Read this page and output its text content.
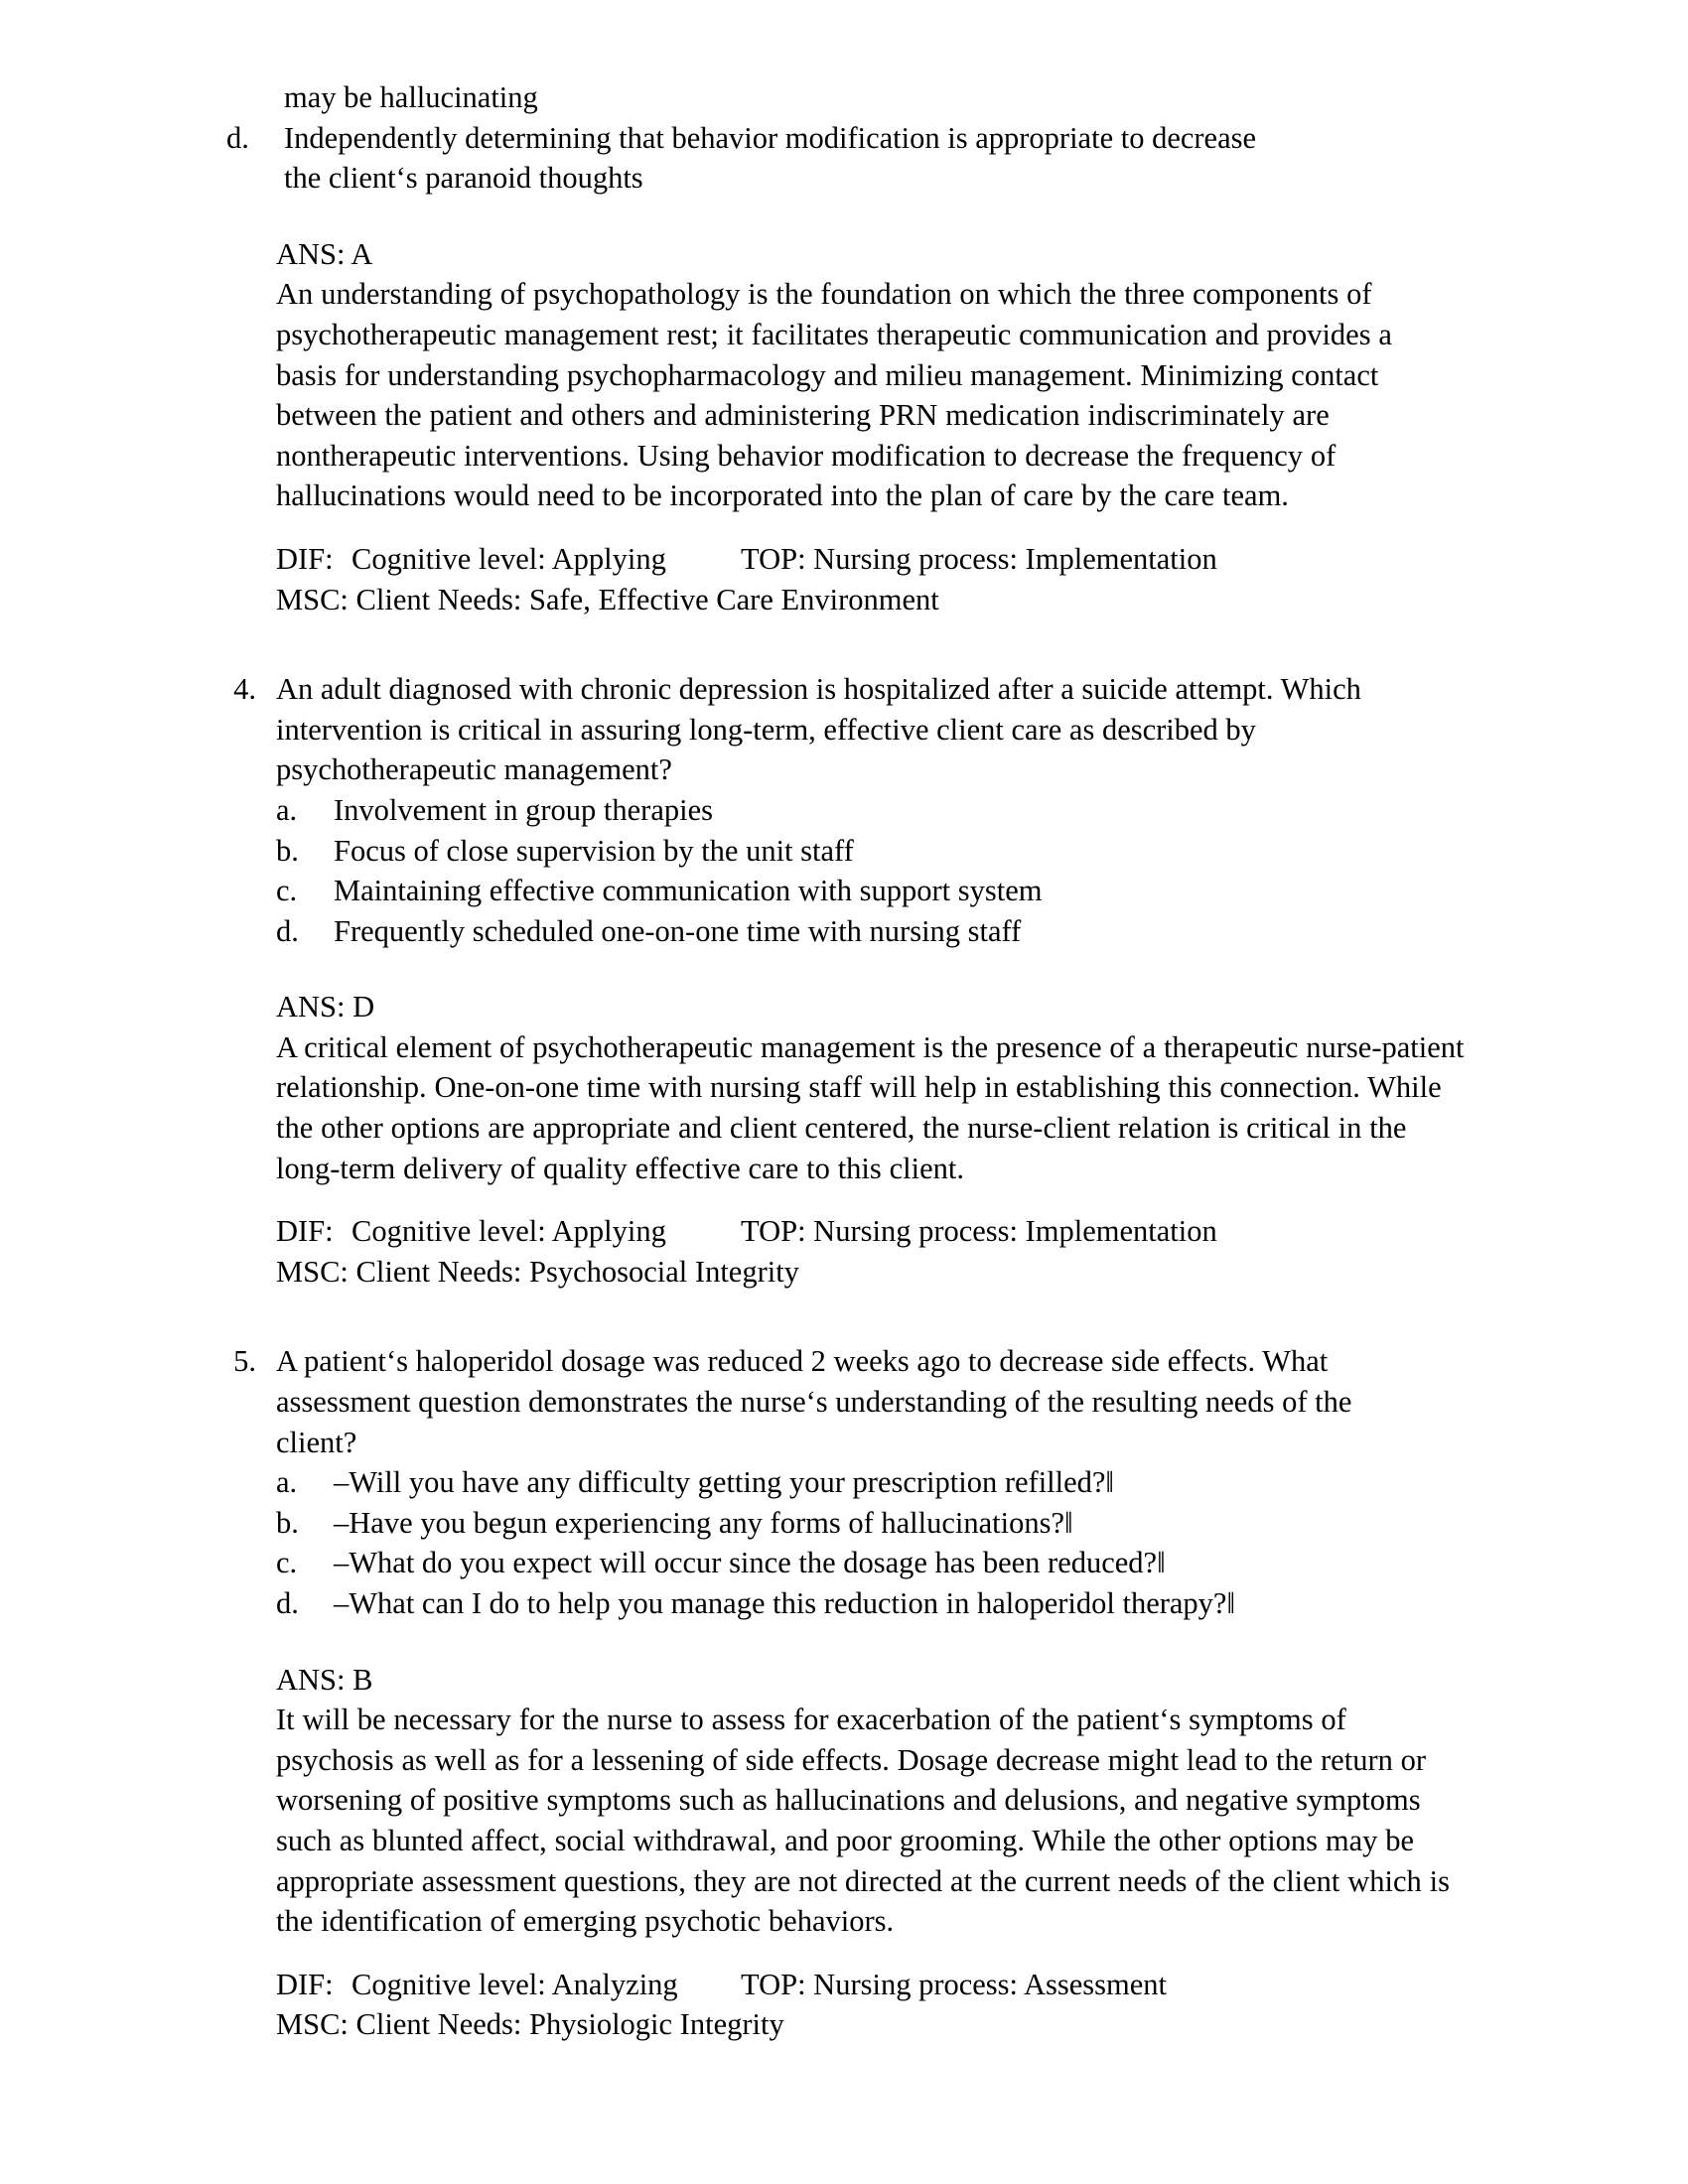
may be hallucinating
d.	Independently determining that behavior modification is appropriate to decrease
the client‘s paranoid thoughts
ANS: A
An understanding of psychopathology is the foundation on which the three components of psychotherapeutic management rest; it facilitates therapeutic communication and provides a basis for understanding psychopharmacology and milieu management. Minimizing contact between the patient and others and administering PRN medication indiscriminately are nontherapeutic interventions. Using behavior modification to decrease the frequency of hallucinations would need to be incorporated into the plan of care by the care team.
DIF: Cognitive level: Applying TOP: Nursing process: Implementation
MSC: Client Needs: Safe, Effective Care Environment
4. An adult diagnosed with chronic depression is hospitalized after a suicide attempt. Which intervention is critical in assuring long-term, effective client care as described by psychotherapeutic management?
a.	Involvement in group therapies
b.	Focus of close supervision by the unit staff
c.	Maintaining effective communication with support system
d.	Frequently scheduled one-on-one time with nursing staff
ANS: D
A critical element of psychotherapeutic management is the presence of a therapeutic nurse-patient relationship. One-on-one time with nursing staff will help in establishing this connection. While the other options are appropriate and client centered, the nurse-client relation is critical in the long-term delivery of quality effective care to this client.
DIF: Cognitive level: Applying TOP: Nursing process: Implementation
MSC: Client Needs: Psychosocial Integrity
5. A patient‘s haloperidol dosage was reduced 2 weeks ago to decrease side effects. What
assessment question demonstrates the nurse‘s understanding of the resulting needs of the
client?
a.	‒Will you have any difficulty getting your prescription refilled?‖
b.	‒Have you begun experiencing any forms of hallucinations?‖
c.	‒What do you expect will occur since the dosage has been reduced?‖
d.	‒What can I do to help you manage this reduction in haloperidol therapy?‖
ANS: B
It will be necessary for the nurse to assess for exacerbation of the patient‘s symptoms of psychosis as well as for a lessening of side effects. Dosage decrease might lead to the return or worsening of positive symptoms such as hallucinations and delusions, and negative symptoms such as blunted affect, social withdrawal, and poor grooming. While the other options may be appropriate assessment questions, they are not directed at the current needs of the client which is the identification of emerging psychotic behaviors.
DIF: Cognitive level: Analyzing TOP: Nursing process: Assessment
MSC: Client Needs: Physiologic Integrity
